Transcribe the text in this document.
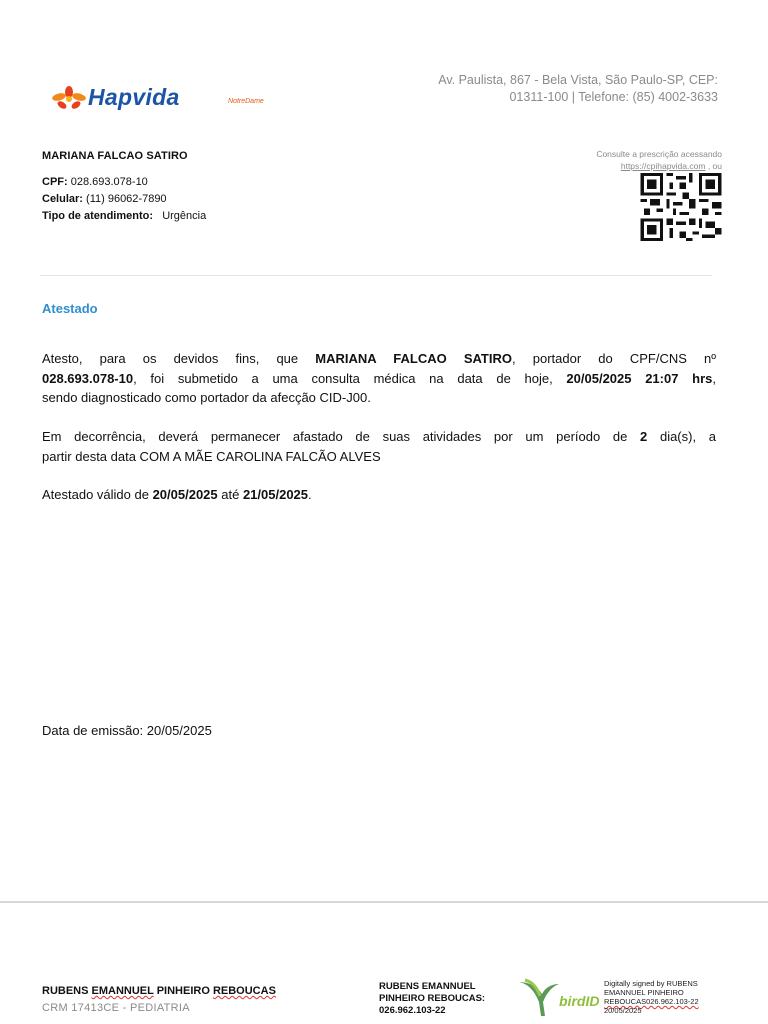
Hapvida	NotreDame
Av. Paulista, 867 - Bela Vista, São Paulo-SP, CEP:
01311-100 | Telefone: (85) 4002-3633
MARIANA FALCAO SATIRO
CPF: 028.693.078-10
Celular: (11) 96062-7890
Tipo de atendimento: Urgência
Consulte a prescrição acessando
https://cpihapvida.com , ou
Atestado
Atesto, para os devidos fins, que MARIANA FALCAO SATIRO, portador do CPF/CNS nº
028.693.078-10, foi submetido a uma consulta médica na data de hoje, 20/05/2025 21:07 hrs,
sendo diagnosticado como portador da afecção CID-J00.
Em decorrência, deverá permanecer afastado de suas atividades por um período de 2 dia(s), a
partir desta data COM A MÃE CAROLINA FALCÃO ALVES
Atestado válido de 20/05/2025 até 21/05/2025.
Data de emissão: 20/05/2025
RUBENS EMANNUEL PINHEIRO REBOUCAS
CRM 17413CE - PEDIATRIA
RUBENS EMANNUEL
PINHEIRO REBOUCAS:
026.962.103-22
birdID
Digitally signed by RUBENS
EMANNUEL PINHEIRO
REBOUCAS026.962.103-22
20/05/2025
